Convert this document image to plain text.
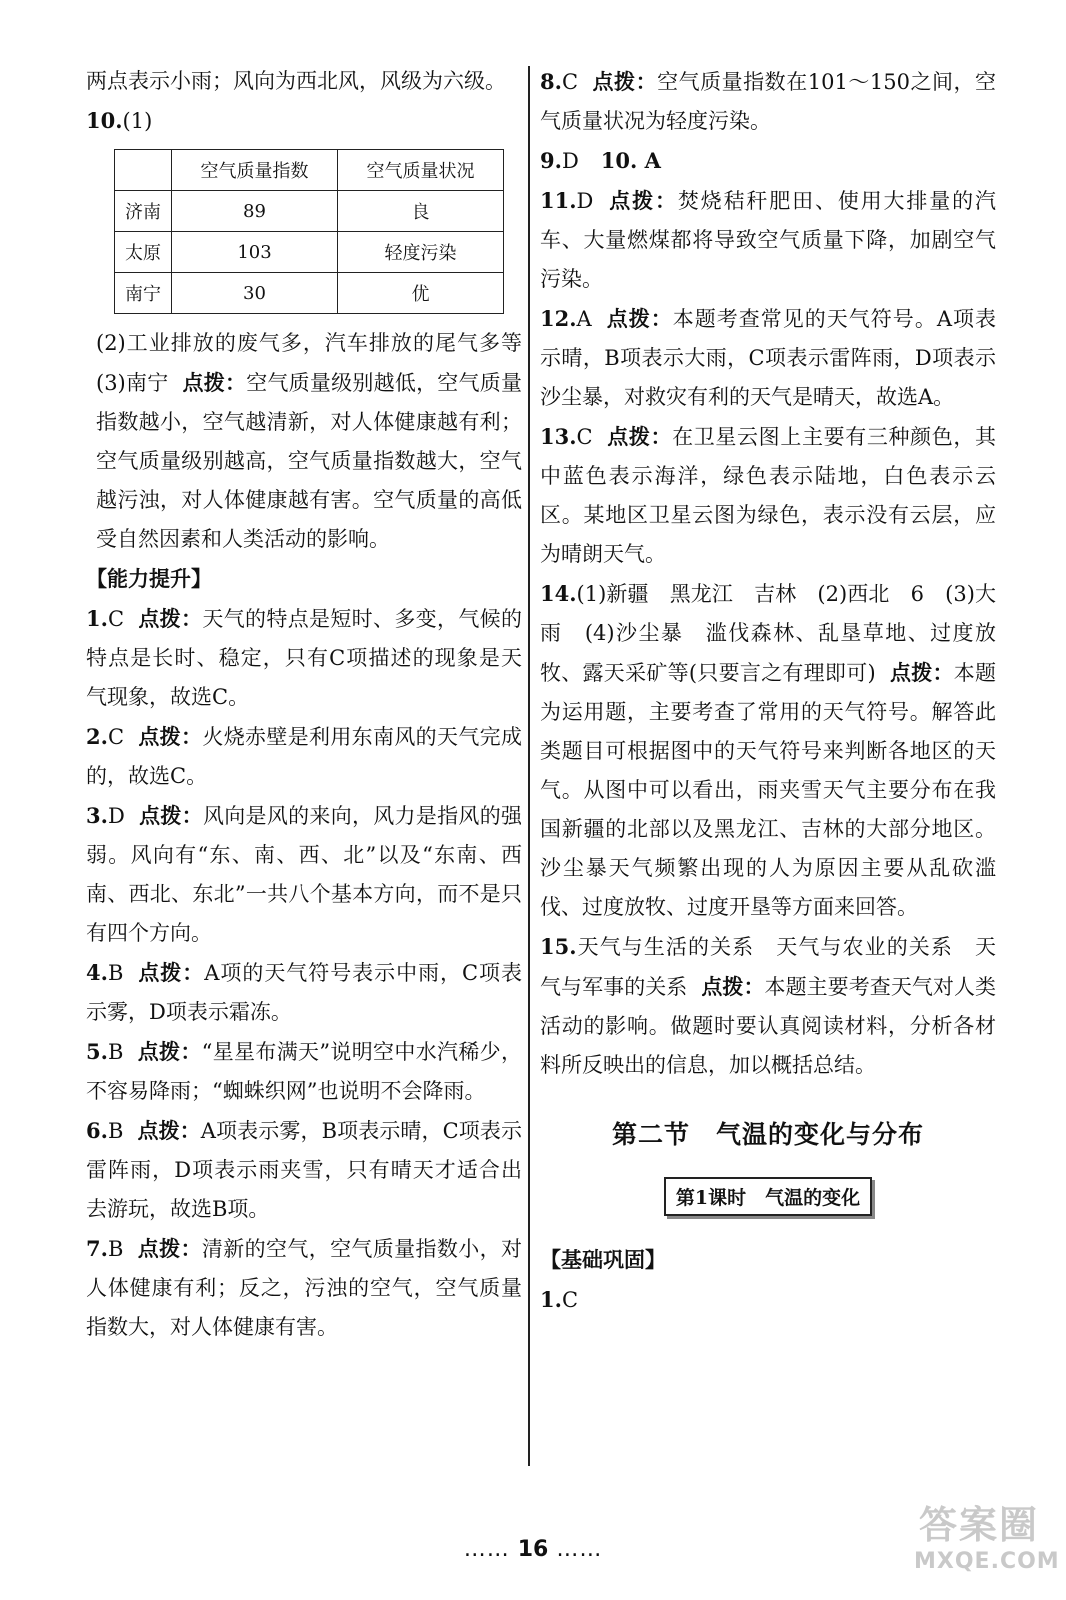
两点表示小雨；风向为西北风，风级为六级。

10.(1)

	空气质量指数	空气质量状况
济南	89	良
太原	103	轻度污染
南宁	30	优

(2)工业排放的废气多，汽车排放的尾气多等　(3)南宁 点拨：空气质量级别越低，空气质量指数越小，空气越清新，对人体健康越有利；空气质量级别越高，空气质量指数越大，空气越污浊，对人体健康越有害。空气质量的高低受自然因素和人类活动的影响。

【能力提升】

1.C 点拨：天气的特点是短时、多变，气候的特点是长时、稳定，只有C项描述的现象是天气现象，故选C。

2.C 点拨：火烧赤壁是利用东南风的天气完成的，故选C。

3.D 点拨：风向是风的来向，风力是指风的强弱。风向有“东、南、西、北”以及“东南、西南、西北、东北”一共八个基本方向，而不是只有四个方向。

4.B 点拨：A项的天气符号表示中雨，C项表示雾，D项表示霜冻。

5.B 点拨：“星星布满天”说明空中水汽稀少，不容易降雨；“蜘蛛织网”也说明不会降雨。

6.B 点拨：A项表示雾，B项表示晴，C项表示雷阵雨，D项表示雨夹雪，只有晴天才适合出去游玩，故选B项。

7.B 点拨：清新的空气，空气质量指数小，对人体健康有利；反之，污浊的空气，空气质量指数大，对人体健康有害。

8.C 点拨：空气质量指数在101～150之间，空气质量状况为轻度污染。

9.D 10. A

11.D 点拨：焚烧秸秆肥田、使用大排量的汽车、大量燃煤都将导致空气质量下降，加剧空气污染。

12.A 点拨：本题考查常见的天气符号。A项表示晴，B项表示大雨，C项表示雷阵雨，D项表示沙尘暴，对救灾有利的天气是晴天，故选A。

13.C 点拨：在卫星云图上主要有三种颜色，其中蓝色表示海洋，绿色表示陆地，白色表示云区。某地区卫星云图为绿色，表示没有云层，应为晴朗天气。

14.(1)新疆　黑龙江　吉林　(2)西北　6　(3)大雨　(4)沙尘暴　滥伐森林、乱垦草地、过度放牧、露天采矿等(只要言之有理即可) 点拨：本题为运用题，主要考查了常用的天气符号。解答此类题目可根据图中的天气符号来判断各地区的天气。从图中可以看出，雨夹雪天气主要分布在我国新疆的北部以及黑龙江、吉林的大部分地区。沙尘暴天气频繁出现的人为原因主要从乱砍滥伐、过度放牧、过度开垦等方面来回答。

15.天气与生活的关系　天气与农业的关系　天气与军事的关系 点拨：本题主要考查天气对人类活动的影响。做题时要认真阅读材料，分析各材料所反映出的信息，加以概括总结。

第二节　气温的变化与分布
第1课时　气温的变化

【基础巩固】

1.C

…… 16 ……
答案圈
MXQE.COM
